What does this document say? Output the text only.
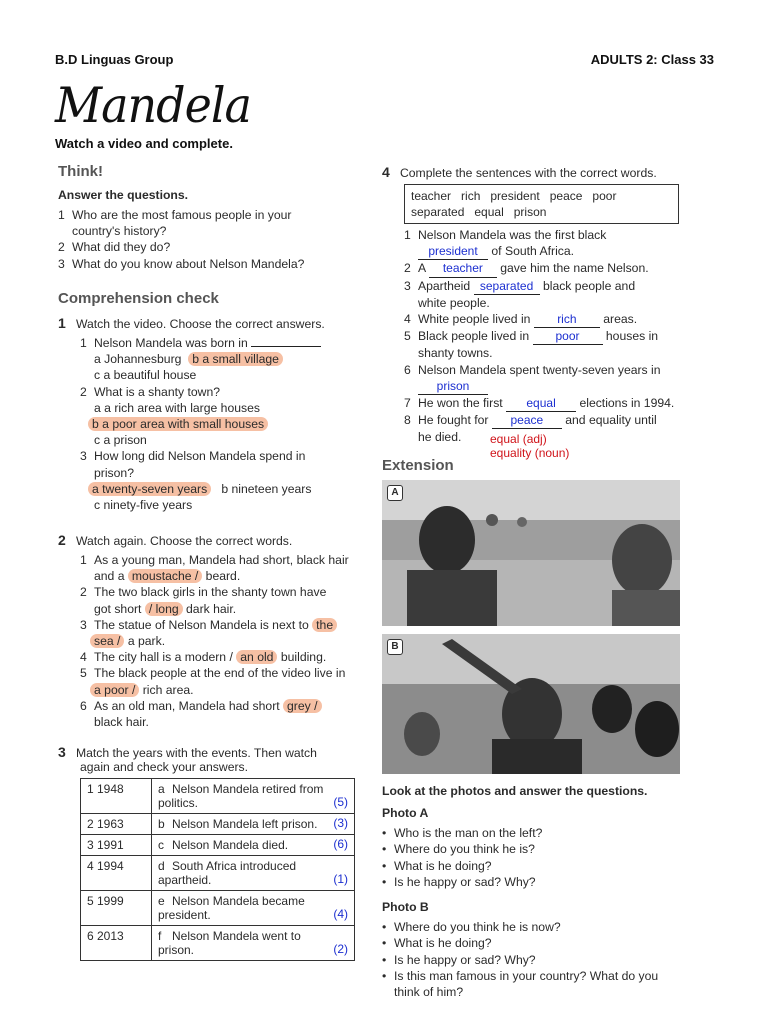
B.D Linguas Group	ADULTS 2: Class 33
Mandela
Watch a video and complete.
Think!
Answer the questions.
1 Who are the most famous people in your
country's history?
2 What did they do?
3 What do you know about Nelson Mandela?
Comprehension check
1 Watch the video. Choose the correct answers.
1 Nelson Mandela was born in
a Johannesburg b a small village
c a beautiful house
2 What is a shanty town?
a a rich area with large houses
b a poor area with small houses
c a prison
3 How long did Nelson Mandela spend in
prison?
a twenty-seven years b nineteen years
c ninety-five years
2 Watch again. Choose the correct words.
1 As a young man, Mandela had short, black hair
and a moustache / beard.
2 The two black girls in the shanty town have
got short / long dark hair.
3 The statue of Nelson Mandela is next to the
sea / a park.
4 The city hall is a modern / an old building.
5 The black people at the end of the video live in
a poor / rich area.
6 As an old man, Mandela had short grey /
black hair.
3 Match the years with the events. Then watch
again and check your answers.
1 1948	a Nelson Mandela retired from politics. (5)

2 1963	b Nelson Mandela left prison. (3)

3 1991	c Nelson Mandela died. (6)

4 1994	d South Africa introduced apartheid. (1)

5 1999	e Nelson Mandela became president. (4)

6 2013	f Nelson Mandela went to prison. (2)
4 Complete the sentences with the correct words.
teacher   rich   president   peace   poor
separated   equal   prison
1 Nelson Mandela was the first black
president of South Africa.
2 A teacher gave him the name Nelson.
3 Apartheid separated black people and
white people.
4 White people lived in rich areas.
5 Black people lived in poor houses in
shanty towns.
6 Nelson Mandela spent twenty-seven years in
prison
7 He won the first equal elections in 1994.
8 He fought for peace and equality until
he died.	equal (adj)
equality (noun)
Extension
A
B
Look at the photos and answer the questions.
Photo A
• Who is the man on the left?
• Where do you think he is?
• What is he doing?
• Is he happy or sad? Why?
Photo B
• Where do you think he is now?
• What is he doing?
• Is he happy or sad? Why?
• Is this man famous in your country? What do you
think of him?
